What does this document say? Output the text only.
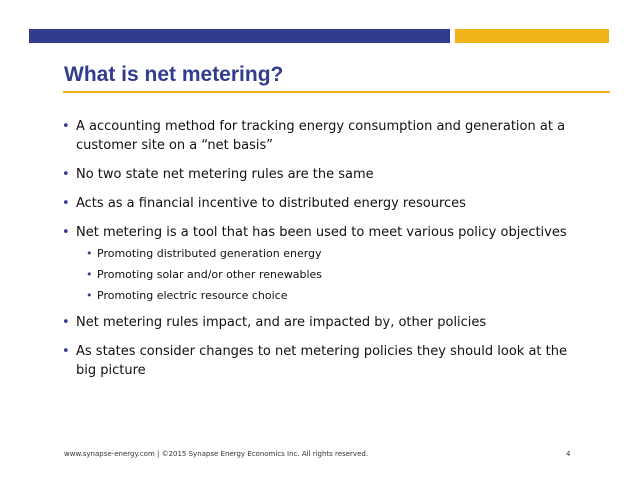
What is net metering?
• A accounting method for tracking energy consumption and generation at a customer site on a “net basis”
• No two state net metering rules are the same
• Acts as a financial incentive to distributed energy resources
• Net metering is a tool that has been used to meet various policy objectives
• Promoting distributed generation energy
• Promoting solar and/or other renewables
• Promoting electric resource choice
• Net metering rules impact, and are impacted by, other policies
• As states consider changes to net metering policies they should look at the big picture
www.synapse-energy.com | ©2015 Synapse Energy Economics Inc. All rights reserved.	4
